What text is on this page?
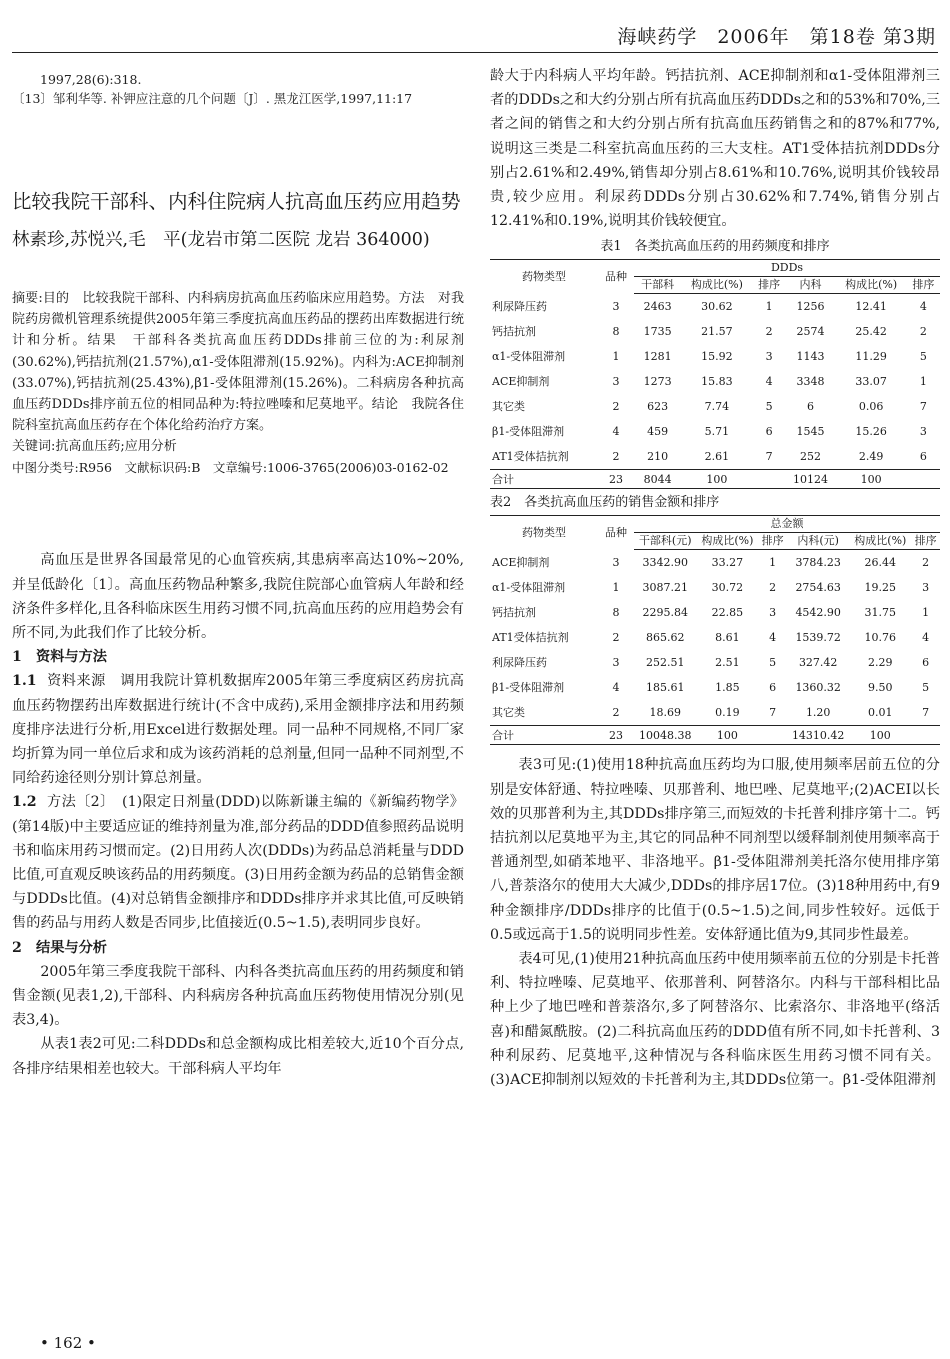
海峡药学　2006年　第18卷 第3期

1997,28(6):318.

〔13〕邹利华等. 补钾应注意的几个问题〔J〕. 黑龙江医学,1997,11:17

比较我院干部科、内科住院病人抗高血压药应用趋势

林素珍,苏悦兴,毛　平(龙岩市第二医院 龙岩 364000)

摘要:目的　比较我院干部科、内科病房抗高血压药临床应用趋势。方法　对我院药房微机管理系统提供2005年第三季度抗高血压药品的摆药出库数据进行统计和分析。结果　干部科各类抗高血压药DDDs排前三位的为:利尿剂(30.62%),钙拮抗剂(21.57%),α1-受体阻滞剂(15.92%)。内科为:ACE抑制剂(33.07%),钙拮抗剂(25.43%),β1-受体阻滞剂(15.26%)。二科病房各种抗高血压药DDDs排序前五位的相同品种为:特拉唑嗪和尼莫地平。结论　我院各住院科室抗高血压药存在个体化给药治疗方案。

关键词:抗高血压药;应用分析

中图分类号:R956　文献标识码:B　文章编号:1006-3765(2006)03-0162-02

高血压是世界各国最常见的心血管疾病,其患病率高达10%~20%,并呈低龄化〔1〕。高血压药物品种繁多,我院住院部心血管病人年龄和经济条件多样化,且各科临床医生用药习惯不同,抗高血压药的应用趋势会有所不同,为此我们作了比较分析。

1　资料与方法

1.1 资料来源　调用我院计算机数据库2005年第三季度病区药房抗高血压药物摆药出库数据进行统计(不含中成药),采用金额排序法和用药频度排序法进行分析,用Excel进行数据处理。同一品种不同规格,不同厂家均折算为同一单位后求和成为该药消耗的总剂量,但同一品种不同剂型,不同给药途径则分别计算总剂量。

1.2 方法〔2〕　(1)限定日剂量(DDD)以陈新谦主编的《新编药物学》(第14版)中主要适应证的维持剂量为准,部分药品的DDD值参照药品说明书和临床用药习惯而定。(2)日用药人次(DDDs)为药品总消耗量与DDD比值,可直观反映该药品的用药频度。(3)日用药金额为药品的总销售金额与DDDs比值。(4)对总销售金额排序和DDDs排序并求其比值,可反映销售的药品与用药人数是否同步,比值接近(0.5~1.5),表明同步良好。

2　结果与分析

2005年第三季度我院干部科、内科各类抗高血压药的用药频度和销售金额(见表1,2),干部科、内科病房各种抗高血压药物使用情况分别(见表3,4)。

从表1表2可见:二科DDDs和总金额构成比相差较大,近10个百分点,各排序结果相差也较大。干部科病人平均年

龄大于内科病人平均年龄。钙拮抗剂、ACE抑制剂和α1-受体阻滞剂三者的DDDs之和大约分别占所有抗高血压药DDDs之和的53%和70%,三者之间的销售之和大约分别占所有抗高血压药销售之和的87%和77%,说明这三类是二科室抗高血压药的三大支柱。AT1受体拮抗剂DDDs分别占2.61%和2.49%,销售却分别占8.61%和10.76%,说明其价钱较昂贵,较少应用。利尿药DDDs分别占30.62%和7.74%,销售分别占12.41%和0.19%,说明其价钱较便宜。

表1　各类抗高血压药的用药频度和排序

药物类型	品种	DDDs					
		干部科	构成比(%)	排序	内科	构成比(%)	排序
利尿降压药	3	2463	30.62	1	1256	12.41	4
钙拮抗剂	8	1735	21.57	2	2574	25.42	2
α1-受体阻滞剂	1	1281	15.92	3	1143	11.29	5
ACE抑制剂	3	1273	15.83	4	3348	33.07	1
其它类	2	623	7.74	5	6	0.06	7
β1-受体阻滞剂	4	459	5.71	6	1545	15.26	3
AT1受体拮抗剂	2	210	2.61	7	252	2.49	6
合计	23	8044	100		10124	100	

表2　各类抗高血压药的销售金额和排序

药物类型	品种	总金额					
		干部科(元)	构成比(%)	排序	内科(元)	构成比(%)	排序
ACE抑制剂	3	3342.90	33.27	1	3784.23	26.44	2
α1-受体阻滞剂	1	3087.21	30.72	2	2754.63	19.25	3
钙拮抗剂	8	2295.84	22.85	3	4542.90	31.75	1
AT1受体拮抗剂	2	865.62	8.61	4	1539.72	10.76	4
利尿降压药	3	252.51	2.51	5	327.42	2.29	6
β1-受体阻滞剂	4	185.61	1.85	6	1360.32	9.50	5
其它类	2	18.69	0.19	7	1.20	0.01	7
合计	23	10048.38	100		14310.42	100	

表3可见:(1)使用18种抗高血压药均为口服,使用频率居前五位的分别是安体舒通、特拉唑嗪、贝那普利、地巴唑、尼莫地平;(2)ACEI以长效的贝那普利为主,其DDDs排序第三,而短效的卡托普利排序第十二。钙拮抗剂以尼莫地平为主,其它的同品种不同剂型以缓释制剂使用频率高于普通剂型,如硝苯地平、非洛地平。β1-受体阻滞剂美托洛尔使用排序第八,普萘洛尔的使用大大减少,DDDs的排序居17位。(3)18种用药中,有9种金额排序/DDDs排序的比值于(0.5~1.5)之间,同步性较好。远低于0.5或远高于1.5的说明同步性差。安体舒通比值为9,其同步性最差。

表4可见,(1)使用21种抗高血压药中使用频率前五位的分别是卡托普利、特拉唑嗪、尼莫地平、依那普利、阿替洛尔。内科与干部科相比品种上少了地巴唑和普萘洛尔,多了阿替洛尔、比索洛尔、非洛地平(络活喜)和醋氮酰胺。(2)二科抗高血压药的DDD值有所不同,如卡托普利、3种利尿药、尼莫地平,这种情况与各科临床医生用药习惯不同有关。(3)ACE抑制剂以短效的卡托普利为主,其DDDs位第一。β1-受体阻滞剂

• 162 •
